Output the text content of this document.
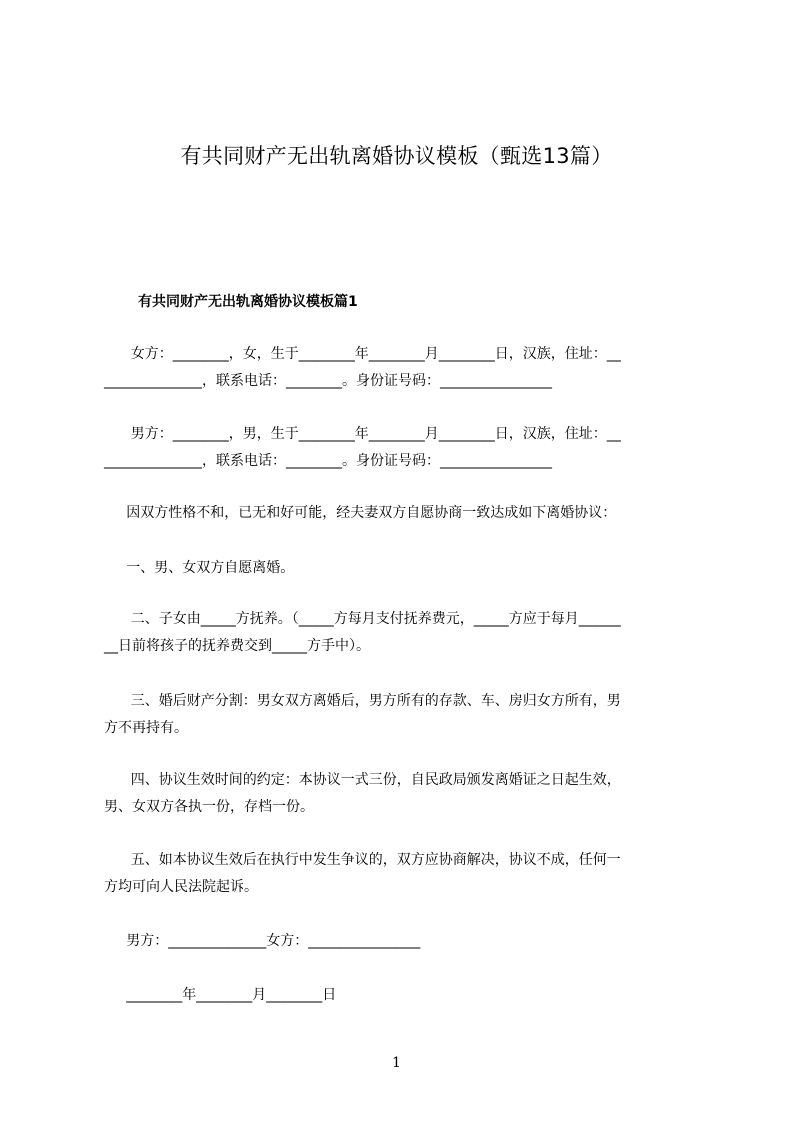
有共同财产无出轨离婚协议模板（甄选13篇）
有共同财产无出轨离婚协议模板篇1
女方：________，女，生于________年________月________日，汉族，住址：__
______________，联系电话：________。身份证号码：________________
男方：________，男，生于________年________月________日，汉族，住址：__
______________，联系电话：________。身份证号码：________________
因双方性格不和，已无和好可能，经夫妻双方自愿协商一致达成如下离婚协议：
一、男、女双方自愿离婚。
二、子女由_____方抚养。（_____方每月支付抚养费元，_____方应于每月______
__日前将孩子的抚养费交到_____方手中）。
三、婚后财产分割：男女双方离婚后，男方所有的存款、车、房归女方所有，男
方不再持有。
四、协议生效时间的约定：本协议一式三份，自民政局颁发离婚证之日起生效，
男、女双方各执一份，存档一份。
五、如本协议生效后在执行中发生争议的，双方应协商解决，协议不成，任何一
方均可向人民法院起诉。
男方：______________女方：________________
________年________月________日
1
